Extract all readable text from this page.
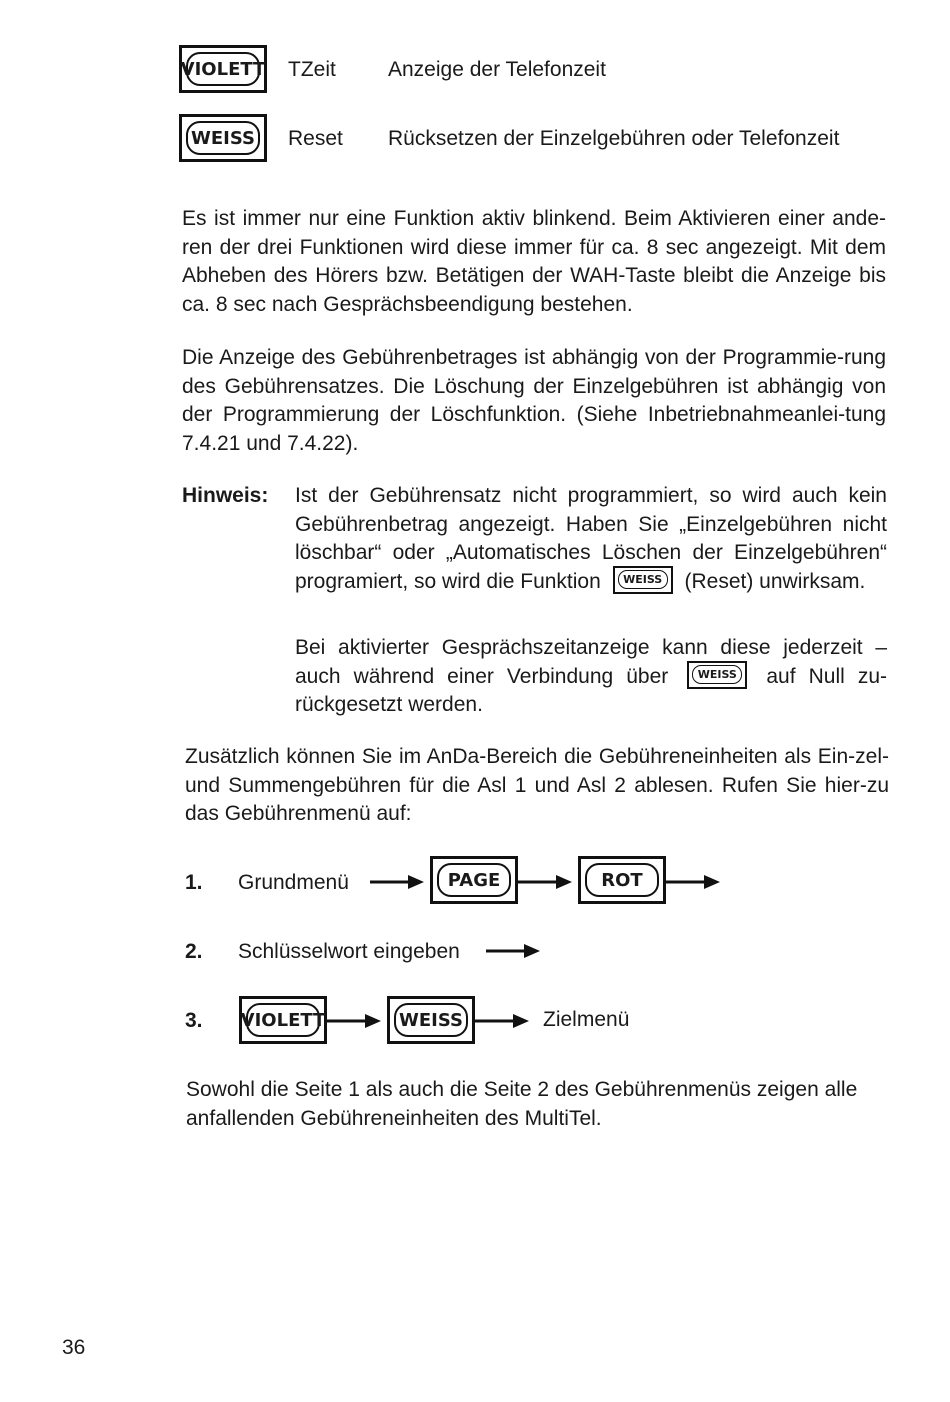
VIOLETT TZeit Anzeige der Telefonzeit
WEISS Reset Rücksetzen der Einzelgebühren oder Telefonzeit
Es ist immer nur eine Funktion aktiv blinkend. Beim Aktivieren einer ande-ren der drei Funktionen wird diese immer für ca. 8 sec angezeigt. Mit dem Abheben des Hörers bzw. Betätigen der WAH-Taste bleibt die Anzeige bis ca. 8 sec nach Gesprächsbeendigung bestehen.
Die Anzeige des Gebührenbetrages ist abhängig von der Programmie-rung des Gebührensatzes. Die Löschung der Einzelgebühren ist abhängig von der Programmierung der Löschfunktion. (Siehe Inbetriebnahmeanlei-tung 7.4.21 und 7.4.22).
Hinweis: Ist der Gebührensatz nicht programmiert, so wird auch kein Gebührenbetrag angezeigt. Haben Sie „Einzelgebühren nicht löschbar“ oder „Automatisches Löschen der Einzelgebühren“ programiert, so wird die Funktion	WEISS (Reset) unwirksam.
Bei aktivierter Gesprächszeitanzeige kann diese jederzeit – auch während einer Verbindung über	WEISS auf Null zu-rückgesetzt werden.
Zusätzlich können Sie im AnDa-Bereich die Gebühreneinheiten als Ein-zel- und Summengebühren für die Asl 1 und Asl 2 ablesen. Rufen Sie hier-zu das Gebührenmenü auf:
1. Grundmenü	PAGE	ROT
2. Schlüsselwort eingeben
3. VIOLETT	WEISS	Zielmenü
Sowohl die Seite 1 als auch die Seite 2 des Gebührenmenüs zeigen alle anfallenden Gebühreneinheiten des MultiTel.
36
